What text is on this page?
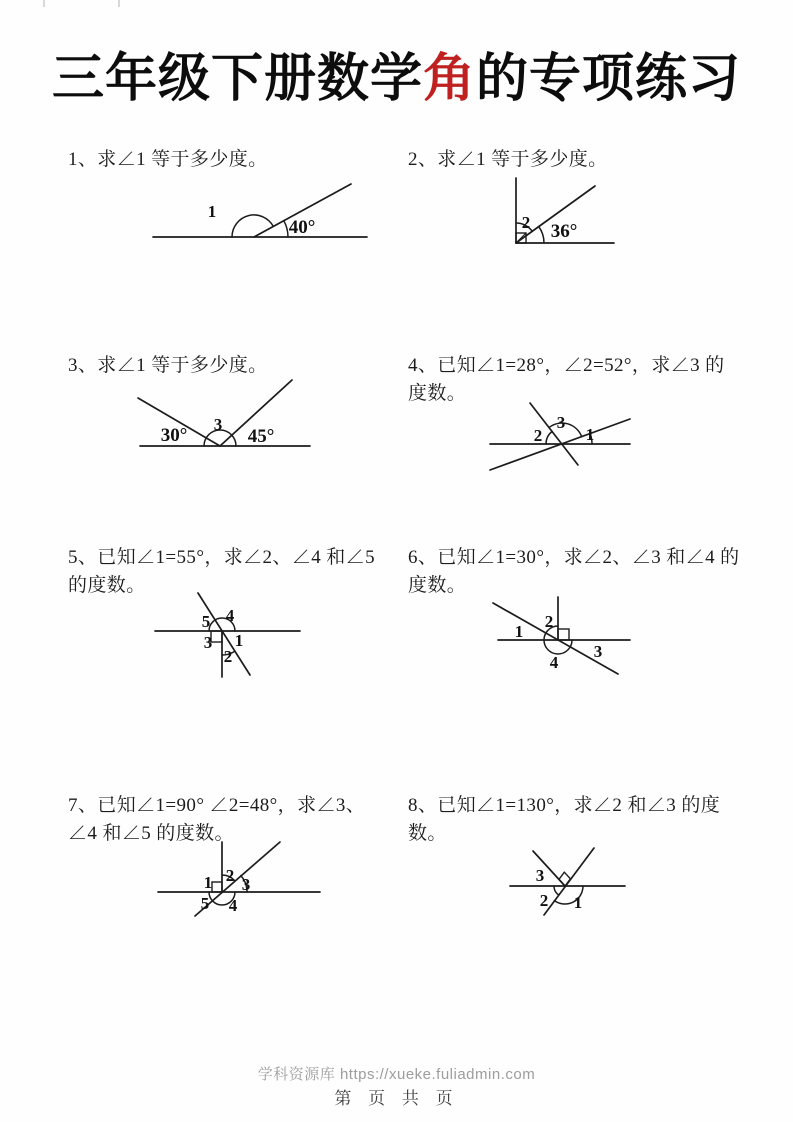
三年级下册数学角的专项练习
1、求∠1 等于多少度。
1
40°
2、求∠1 等于多少度。
2 36°
3、求∠1 等于多少度。
30°
3
45°
4、已知∠1=28°，∠2=52°，求∠3 的度数。
2
3
1
5、已知∠1=55°，求∠2、∠4 和∠5 的度数。
5 4
3 1
2
6、已知∠1=30°，求∠2、∠3 和∠4 的度数。
1
2
3
4
7、已知∠1=90° ∠2=48°，求∠3、∠4 和∠5 的度数。
1 2 3
5 4
8、已知∠1=130°，求∠2 和∠3 的度数。
3
2 1
学科资源库 https://xueke.fuliadmin.com
第 页 共 页
